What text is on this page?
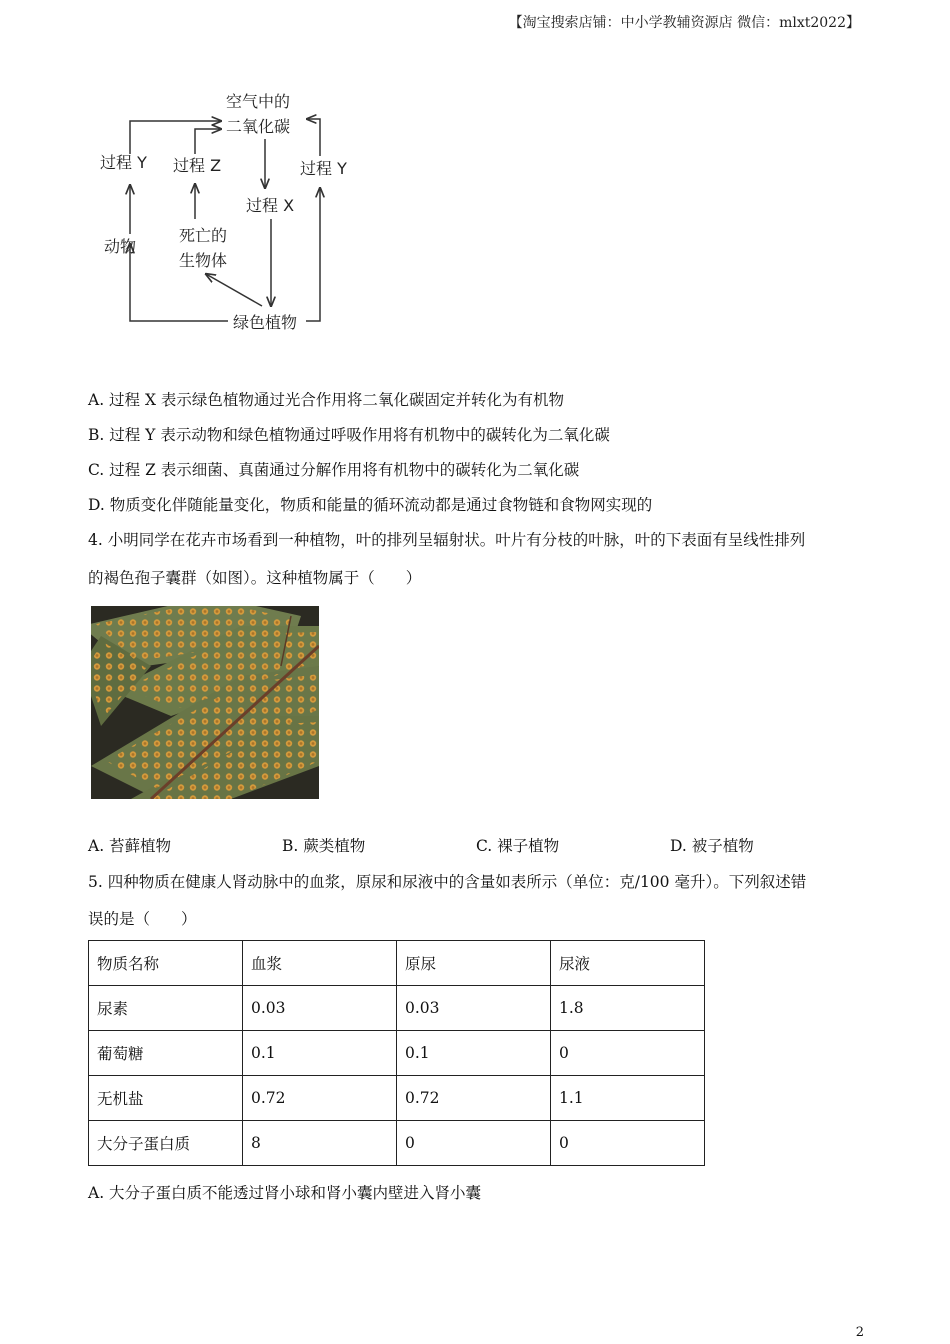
【淘宝搜索店铺：中小学教辅资源店 微信：mlxt2022】
空气中的
二氧化碳
过程 Y 过程 Z	过程 Y
过程 X
动物
死亡的
生物体
绿色植物
A. 过程 X 表示绿色植物通过光合作用将二氧化碳固定并转化为有机物
B. 过程 Y 表示动物和绿色植物通过呼吸作用将有机物中的碳转化为二氧化碳
C. 过程 Z 表示细菌、真菌通过分解作用将有机物中的碳转化为二氧化碳
D. 物质变化伴随能量变化，物质和能量的循环流动都是通过食物链和食物网实现的
4. 小明同学在花卉市场看到一种植物，叶的排列呈辐射状。叶片有分枝的叶脉，叶的下表面有呈线性排列
的褐色孢子囊群（如图）。这种植物属于（　　）
A. 苔藓植物	B. 蕨类植物	C. 裸子植物	D. 被子植物
5. 四种物质在健康人肾动脉中的血浆，原尿和尿液中的含量如表所示（单位：克/100 毫升）。下列叙述错
误的是（　　）
物质名称	血浆	原尿	尿液
尿素	0.03	0.03	1.8
葡萄糖	0.1	0.1	0
无机盐	0.72	0.72	1.1
大分子蛋白质	8	0	0
A. 大分子蛋白质不能透过肾小球和肾小囊内壁进入肾小囊
2
